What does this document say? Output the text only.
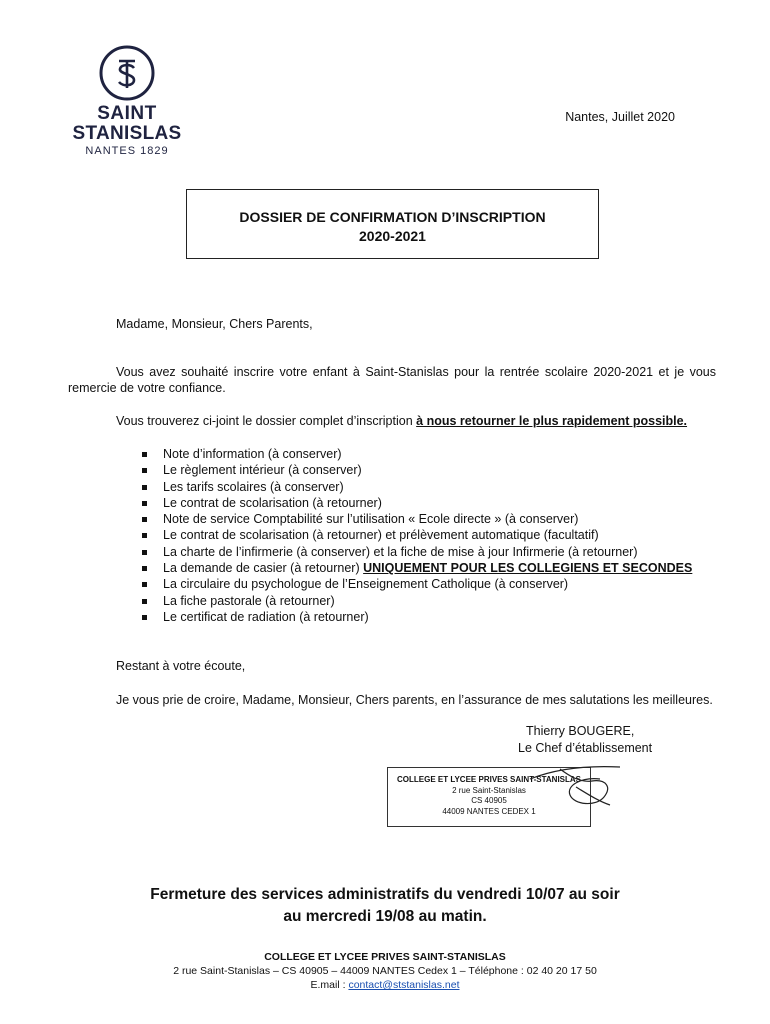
SAINT
STANISLAS
NANTES 1829
Nantes, Juillet 2020
DOSSIER DE CONFIRMATION D’INSCRIPTION
2020-2021
Madame, Monsieur, Chers Parents,
Vous avez souhaité inscrire votre enfant à Saint-Stanislas pour la rentrée scolaire 2020-2021 et je vous remercie de votre confiance.
Vous trouverez ci-joint le dossier complet d’inscription à nous retourner le plus rapidement possible.
Note d’information (à conserver)
Le règlement intérieur (à conserver)
Les tarifs scolaires (à conserver)
Le contrat de scolarisation (à retourner)
Note de service Comptabilité sur l’utilisation « Ecole directe » (à conserver)
Le contrat de scolarisation (à retourner) et prélèvement automatique (facultatif)
La charte de l’infirmerie (à conserver) et la fiche de mise à jour Infirmerie (à retourner)
La demande de casier (à retourner) UNIQUEMENT POUR LES COLLEGIENS ET SECONDES
La circulaire du psychologue de l’Enseignement Catholique (à conserver)
La fiche pastorale (à retourner)
Le certificat de radiation (à retourner)
Restant à votre écoute,
Je vous prie de croire, Madame, Monsieur, Chers parents, en l’assurance de mes salutations les meilleures.
Thierry BOUGERE,
Le Chef d’établissement
COLLEGE ET LYCEE PRIVES SAINT-STANISLAS
2 rue Saint-Stanislas
CS 40905
44009 NANTES CEDEX 1
Fermeture des services administratifs du vendredi 10/07 au soir
au mercredi 19/08 au matin.
COLLEGE ET LYCEE PRIVES SAINT-STANISLAS
2 rue Saint-Stanislas – CS 40905 – 44009 NANTES Cedex 1 – Téléphone : 02 40 20 17 50
E.mail : contact@ststanislas.net
